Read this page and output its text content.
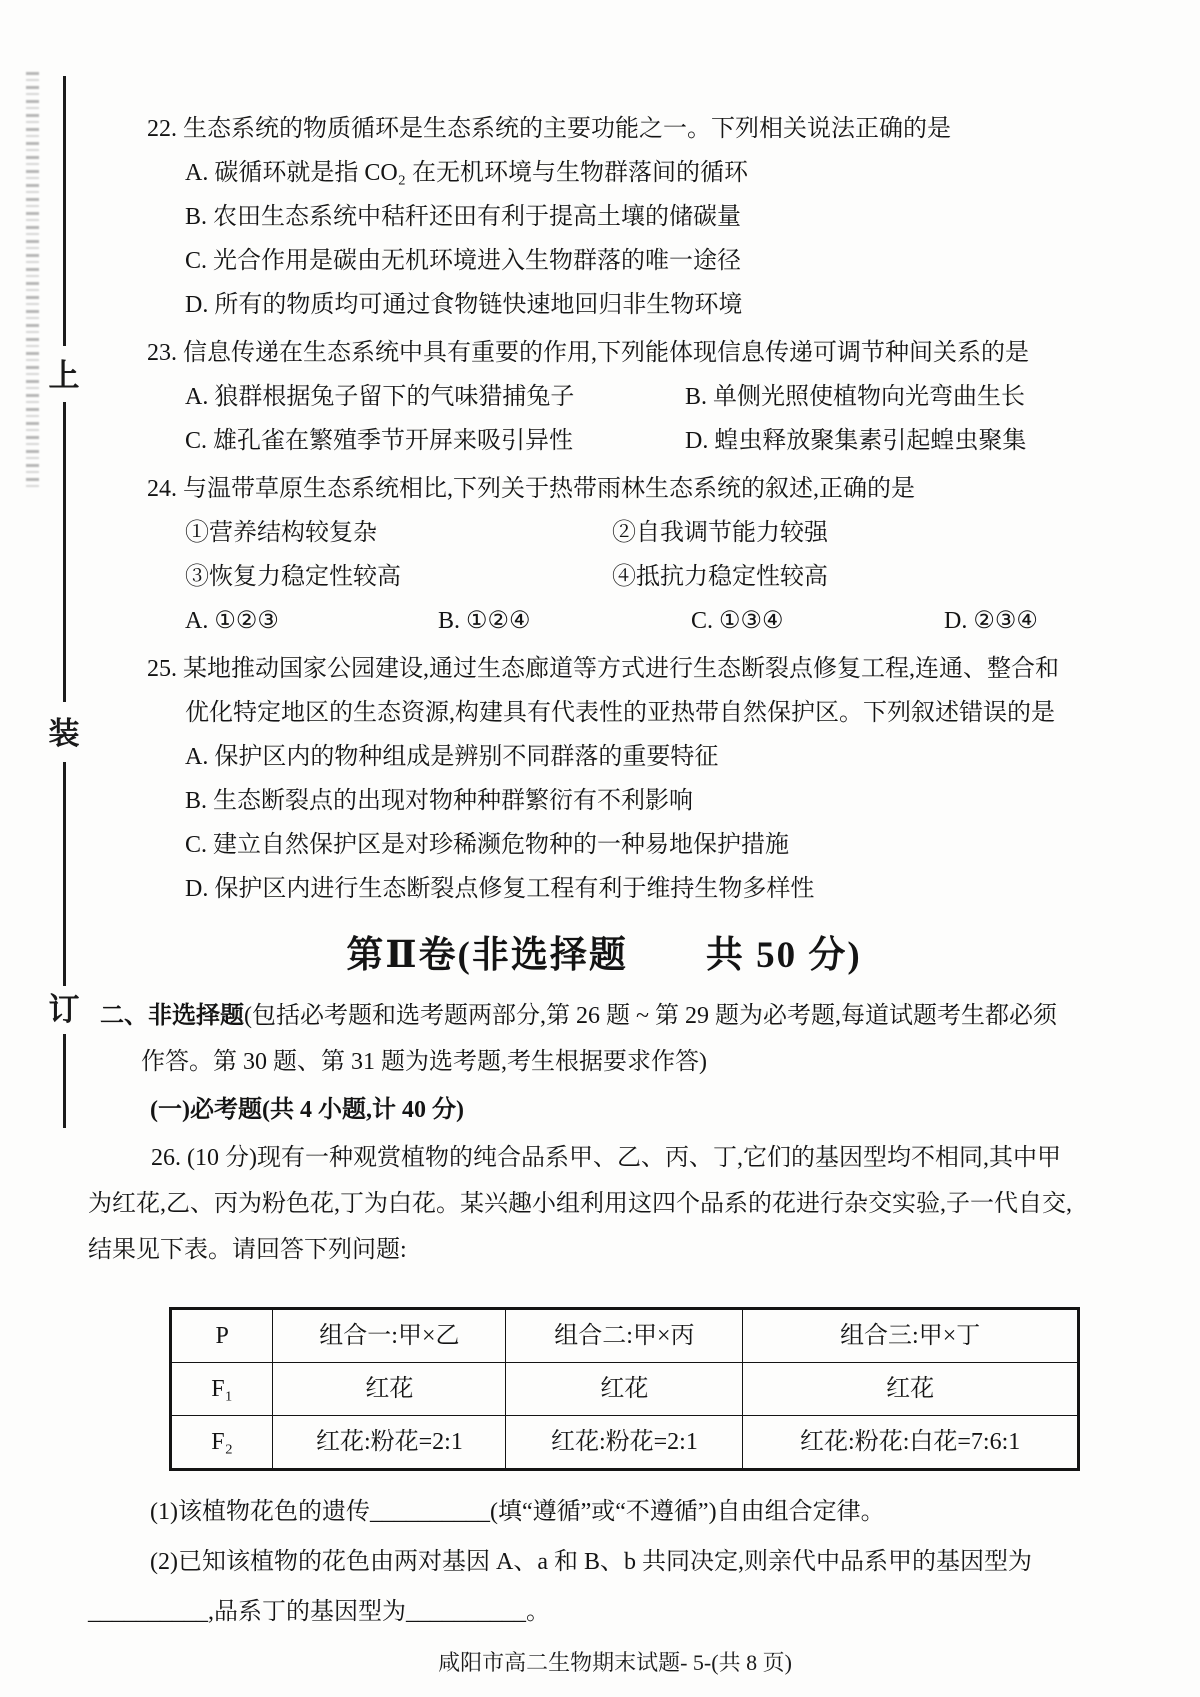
上
装
订
22. 生态系统的物质循环是生态系统的主要功能之一。下列相关说法正确的是
A. 碳循环就是指 CO₂ 在无机环境与生物群落间的循环
B. 农田生态系统中秸秆还田有利于提高土壤的储碳量
C. 光合作用是碳由无机环境进入生物群落的唯一途径
D. 所有的物质均可通过食物链快速地回归非生物环境
23. 信息传递在生态系统中具有重要的作用,下列能体现信息传递可调节种间关系的是
A. 狼群根据兔子留下的气味猎捕兔子	B. 单侧光照使植物向光弯曲生长
C. 雄孔雀在繁殖季节开屏来吸引异性	D. 蝗虫释放聚集素引起蝗虫聚集
24. 与温带草原生态系统相比,下列关于热带雨林生态系统的叙述,正确的是
①营养结构较复杂	②自我调节能力较强
③恢复力稳定性较高	④抵抗力稳定性较高
A. ①②③	B. ①②④	C. ①③④	D. ②③④
25. 某地推动国家公园建设,通过生态廊道等方式进行生态断裂点修复工程,连通、整合和优化特定地区的生态资源,构建具有代表性的亚热带自然保护区。下列叙述错误的是
A. 保护区内的物种组成是辨别不同群落的重要特征
B. 生态断裂点的出现对物种种群繁衍有不利影响
C. 建立自然保护区是对珍稀濒危物种的一种易地保护措施
D. 保护区内进行生态断裂点修复工程有利于维持生物多样性
第Ⅱ卷(非选择题　　共 50 分)
二、非选择题(包括必考题和选考题两部分,第 26 题 ~ 第 29 题为必考题,每道试题考生都必须作答。第 30 题、第 31 题为选考题,考生根据要求作答)
(一)必考题(共 4 小题,计 40 分)
26. (10 分)现有一种观赏植物的纯合品系甲、乙、丙、丁,它们的基因型均不相同,其中甲为红花,乙、丙为粉色花,丁为白花。某兴趣小组利用这四个品系的花进行杂交实验,子一代自交,结果见下表。请回答下列问题:
P	组合一:甲×乙	组合二:甲×丙	组合三:甲×丁
F₁	红花	红花	红花
F₂	红花:粉花=2:1	红花:粉花=2:1	红花:粉花:白花=7:6:1
(1)该植物花色的遗传__________(填“遵循”或“不遵循”)自由组合定律。
(2)已知该植物的花色由两对基因 A、a 和 B、b 共同决定,则亲代中品系甲的基因型为__________,品系丁的基因型为__________。
咸阳市高二生物期末试题- 5-(共 8 页)
